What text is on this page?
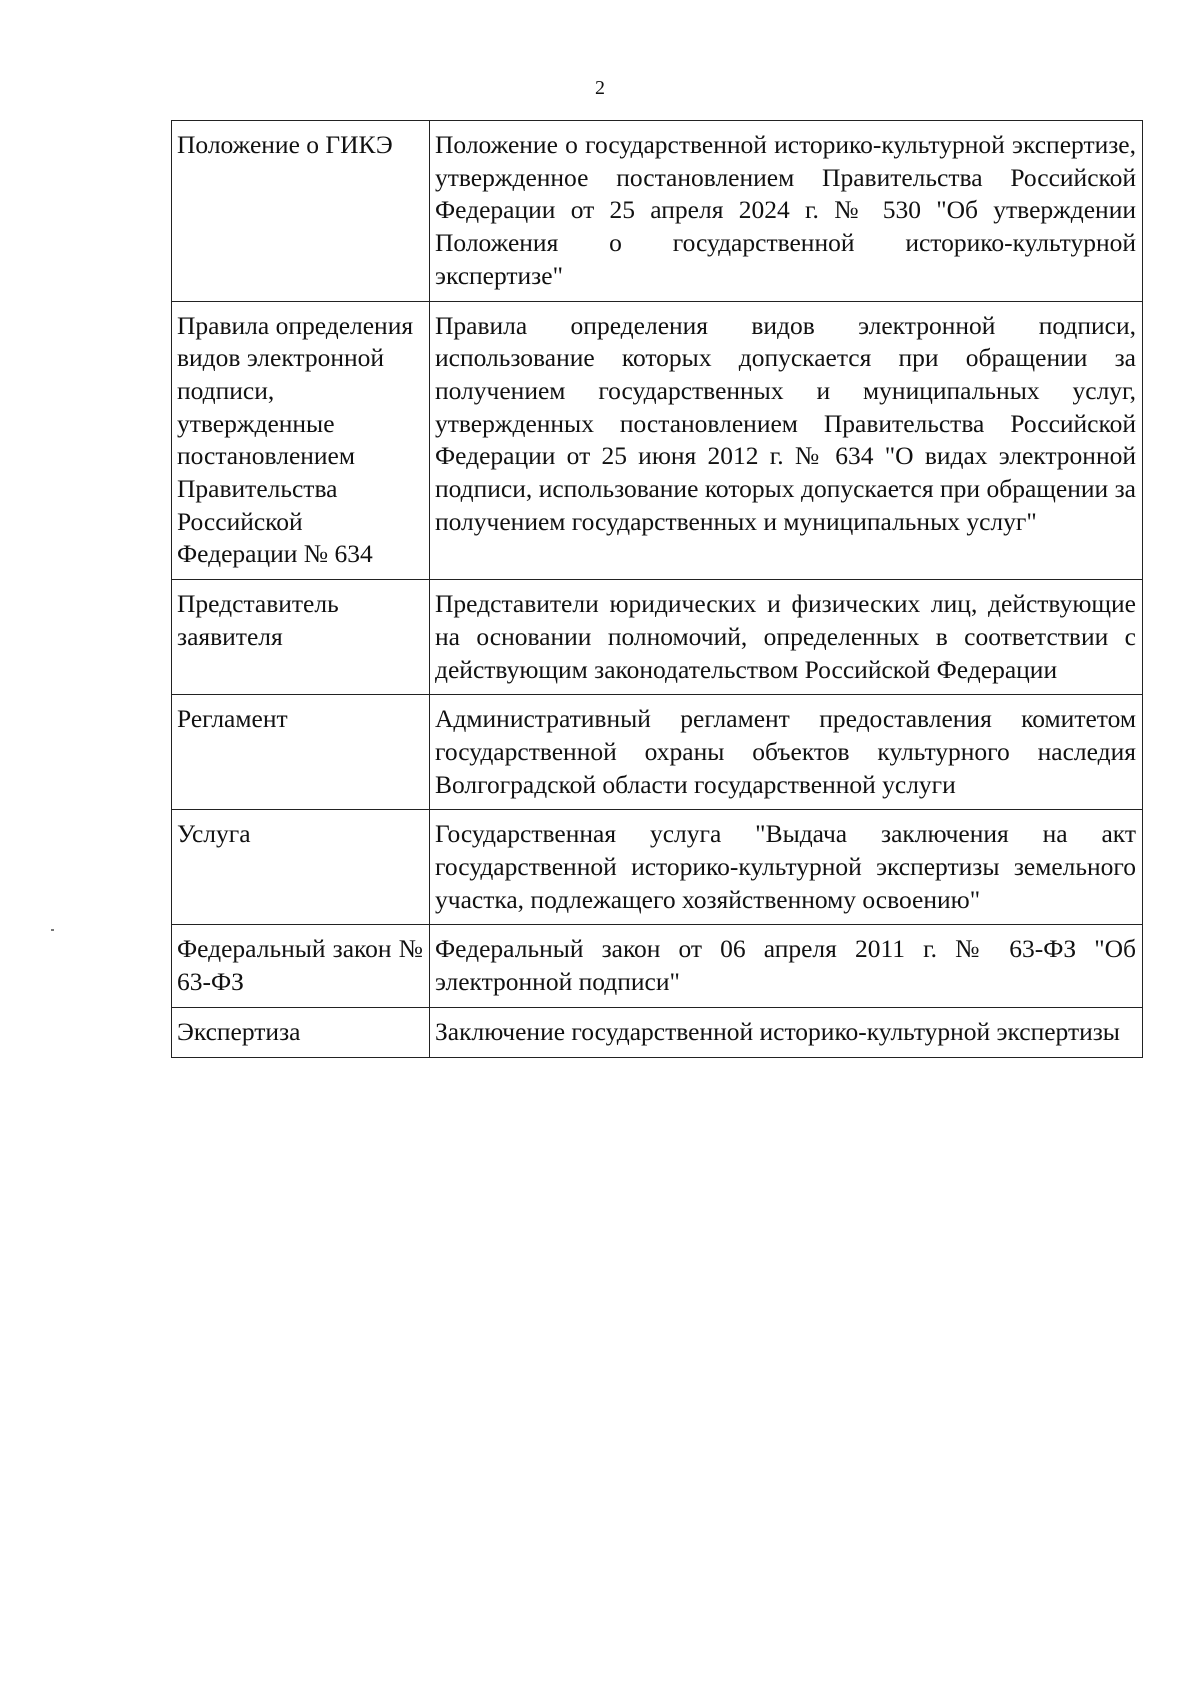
2
Положение о ГИКЭ	Положение о государственной историко-культурной экспертизе, утвержденное постановлением Правительства Российской Федерации от 25 апреля 2024 г. № 530 "Об утверждении Положения о государственной историко-культурной экспертизе"
Правила определения видов электронной подписи, утвержденные постановлением Правительства Российской Федерации № 634	Правила определения видов электронной подписи, использование которых допускается при обращении за получением государственных и муниципальных услуг, утвержденных постановлением Правительства Российской Федерации от 25 июня 2012 г. № 634 "О видах электронной подписи, использование которых допускается при обращении за получением государственных и муниципальных услуг"
Представитель заявителя	Представители юридических и физических лиц, действующие на основании полномочий, определенных в соответствии с действующим законодательством Российской Федерации
Регламент	Административный регламент предоставления комитетом государственной охраны объектов культурного наследия Волгоградской области государственной услуги
Услуга	Государственная услуга "Выдача заключения на акт государственной историко-культурной экспертизы земельного участка, подлежащего хозяйственному освоению"
Федеральный закон № 63-ФЗ	Федеральный закон от 06 апреля 2011 г. № 63-ФЗ "Об электронной подписи"
Экспертиза	Заключение государственной историко-культурной экспертизы
